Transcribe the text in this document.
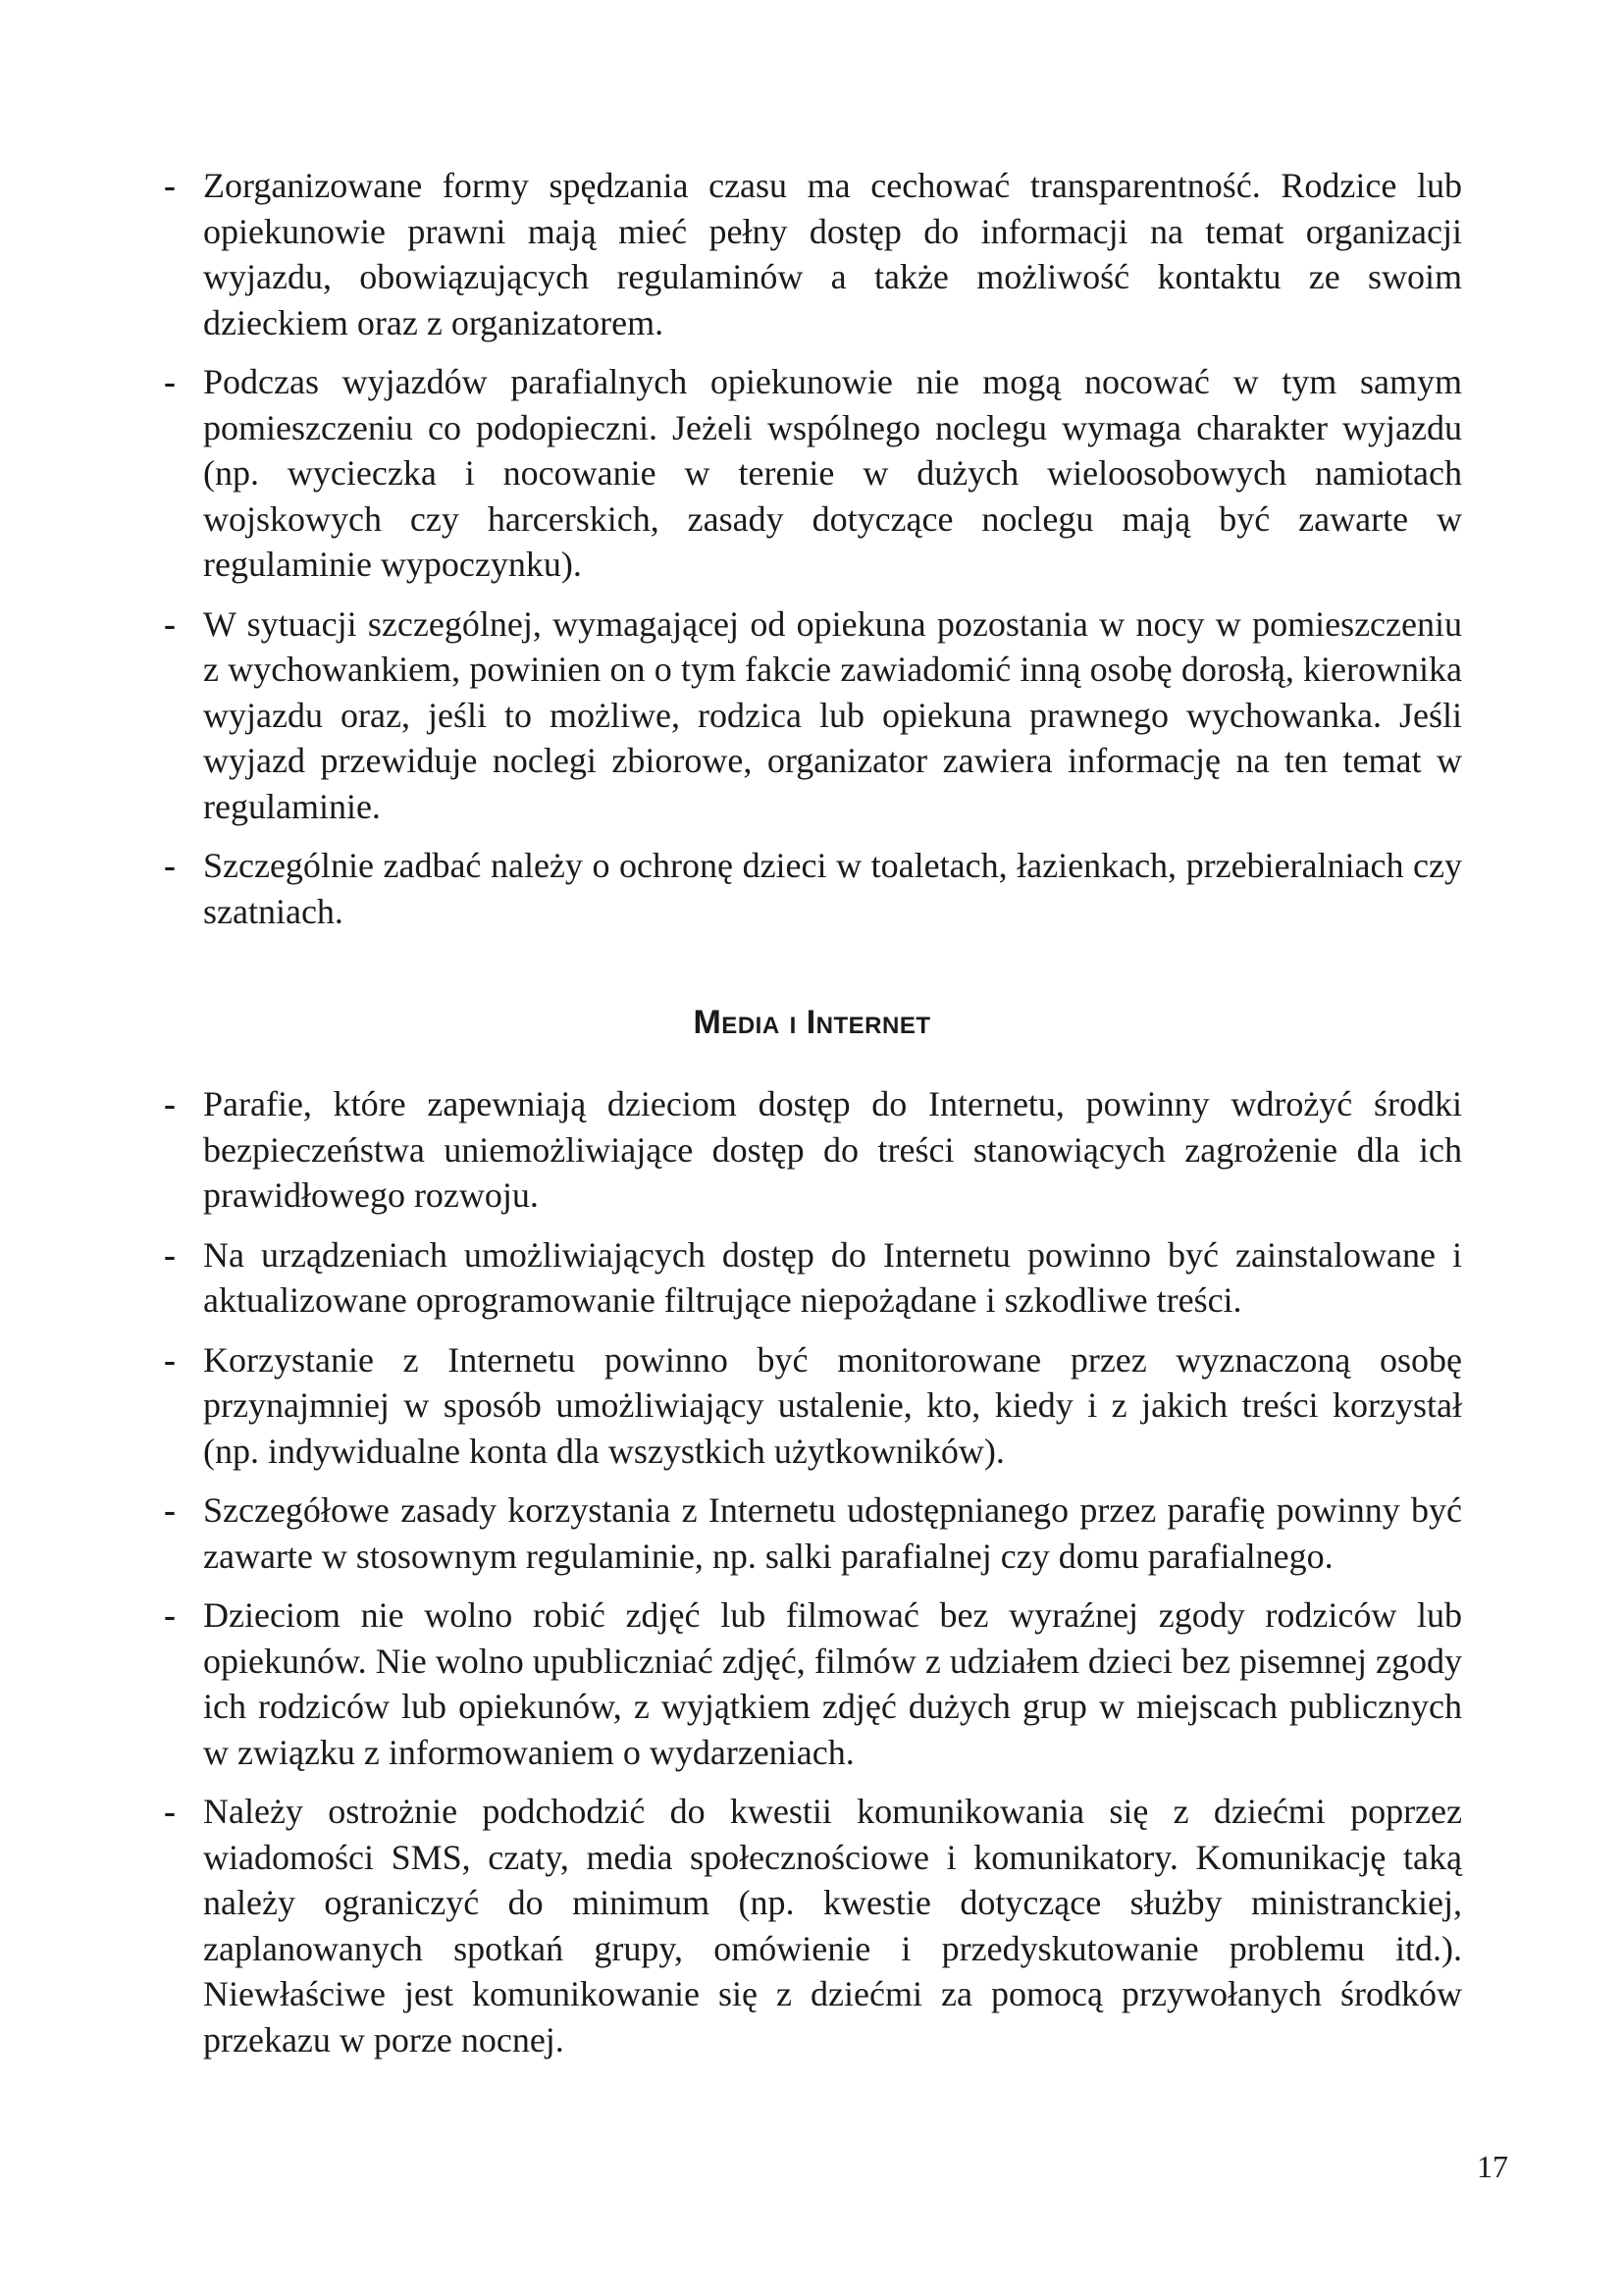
- Zorganizowane formy spędzania czasu ma cechować transparentność. Rodzice lub opiekunowie prawni mają mieć pełny dostęp do informacji na temat organizacji wyjazdu, obowiązujących regulaminów a także możliwość kontaktu ze swoim dzieckiem oraz z organizatorem.
- Podczas wyjazdów parafialnych opiekunowie nie mogą nocować w tym samym pomieszczeniu co podopieczni. Jeżeli wspólnego noclegu wymaga charakter wyjazdu (np. wycieczka i nocowanie w terenie w dużych wieloosobowych namiotach wojskowych czy harcerskich, zasady dotyczące noclegu mają być zawarte w regulaminie wypoczynku).
- W sytuacji szczególnej, wymagającej od opiekuna pozostania w nocy w pomieszczeniu z wychowankiem, powinien on o tym fakcie zawiadomić inną osobę dorosłą, kierownika wyjazdu oraz, jeśli to możliwe, rodzica lub opiekuna prawnego wychowanka. Jeśli wyjazd przewiduje noclegi zbiorowe, organizator zawiera informację na ten temat w regulaminie.
- Szczególnie zadbać należy o ochronę dzieci w toaletach, łazienkach, przebieralniach czy szatniach.
Media i Internet
- Parafie, które zapewniają dzieciom dostęp do Internetu, powinny wdrożyć środki bezpieczeństwa uniemożliwiające dostęp do treści stanowiących zagrożenie dla ich prawidłowego rozwoju.
- Na urządzeniach umożliwiających dostęp do Internetu powinno być zainstalowane i aktualizowane oprogramowanie filtrujące niepożądane i szkodliwe treści.
- Korzystanie z Internetu powinno być monitorowane przez wyznaczoną osobę przynajmniej w sposób umożliwiający ustalenie, kto, kiedy i z jakich treści korzystał (np. indywidualne konta dla wszystkich użytkowników).
- Szczegółowe zasady korzystania z Internetu udostępnianego przez parafię powinny być zawarte w stosownym regulaminie, np. salki parafialnej czy domu parafialnego.
- Dzieciom nie wolno robić zdjęć lub filmować bez wyraźnej zgody rodziców lub opiekunów. Nie wolno upubliczniać zdjęć, filmów z udziałem dzieci bez pisemnej zgody ich rodziców lub opiekunów, z wyjątkiem zdjęć dużych grup w miejscach publicznych w związku z informowaniem o wydarzeniach.
- Należy ostrożnie podchodzić do kwestii komunikowania się z dziećmi poprzez wiadomości SMS, czaty, media społecznościowe i komunikatory. Komunikację taką należy ograniczyć do minimum (np. kwestie dotyczące służby ministranckiej, zaplanowanych spotkań grupy, omówienie i przedyskutowanie problemu itd.). Niewłaściwe jest komunikowanie się z dziećmi za pomocą przywołanych środków przekazu w porze nocnej.
17
